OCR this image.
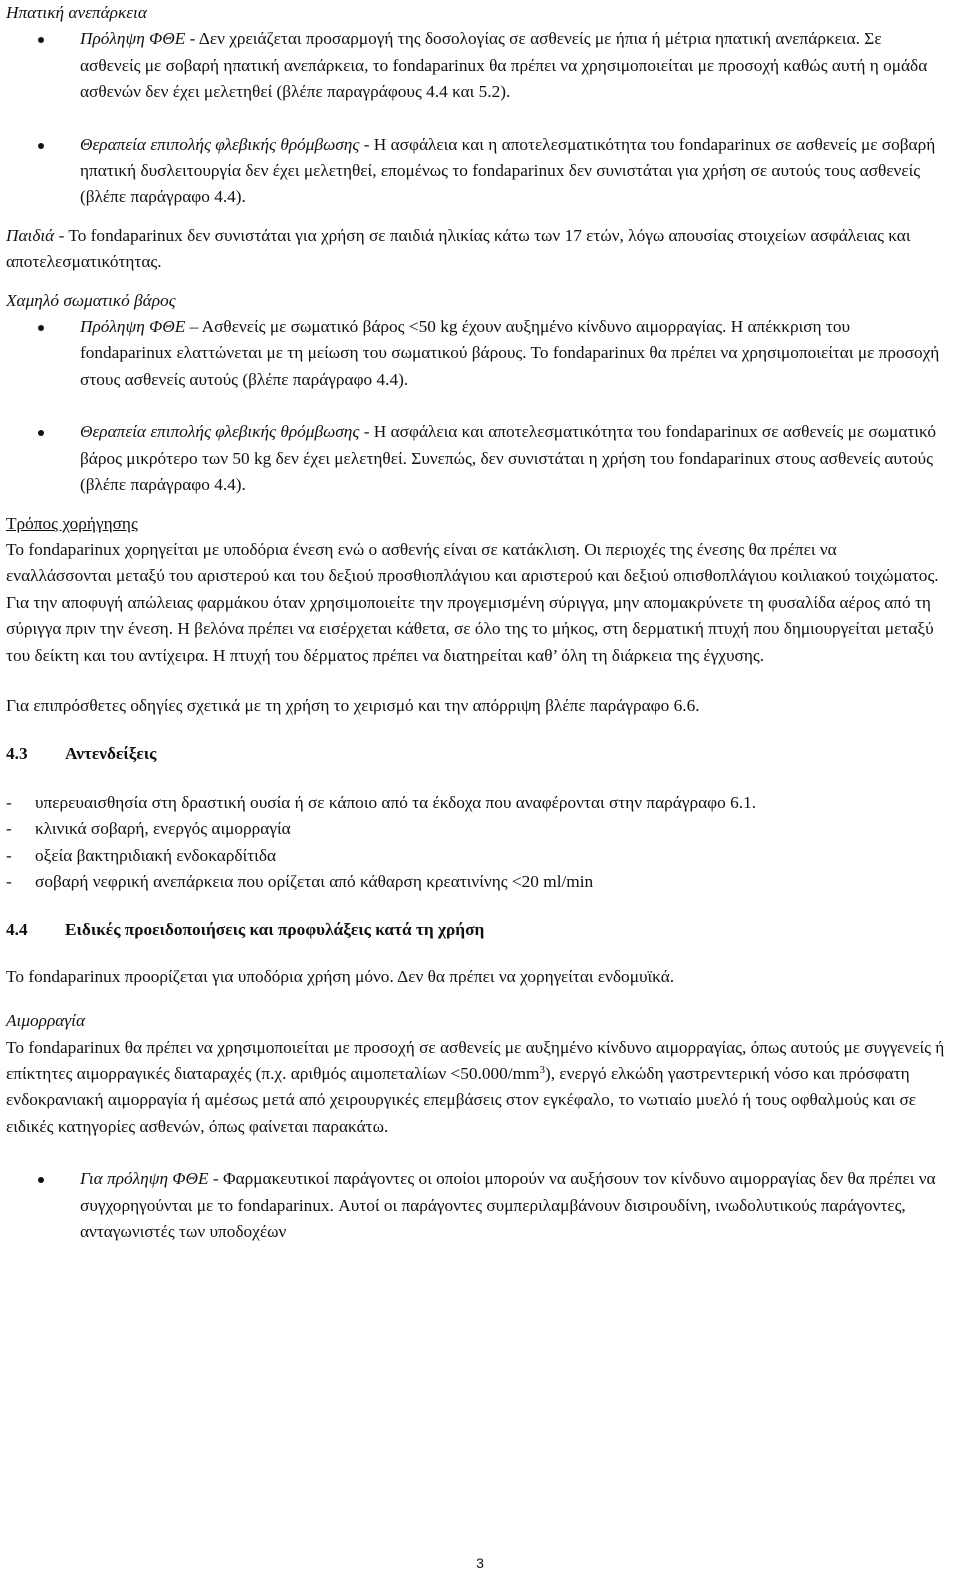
Ηπατική ανεπάρκεια

Πρόληψη ΦΘΕ - Δεν χρειάζεται προσαρμογή της δοσολογίας σε ασθενείς με ήπια ή μέτρια ηπατική ανεπάρκεια. Σε ασθενείς με σοβαρή ηπατική ανεπάρκεια, το fondaparinux θα πρέπει να χρησιμοποιείται με προσοχή καθώς αυτή η ομάδα ασθενών δεν έχει μελετηθεί (βλέπε παραγράφους 4.4 και 5.2).
Θεραπεία επιπολής φλεβικής θρόμβωσης - Η ασφάλεια και η αποτελεσματικότητα του fondaparinux σε ασθενείς με σοβαρή ηπατική δυσλειτουργία δεν έχει μελετηθεί, επομένως το fondaparinux δεν συνιστάται για χρήση σε αυτούς τους ασθενείς (βλέπε παράγραφο 4.4).

Παιδιά - Το fondaparinux δεν συνιστάται για χρήση σε παιδιά ηλικίας κάτω των 17 ετών, λόγω απουσίας στοιχείων ασφάλειας και αποτελεσματικότητας.

Χαμηλό σωματικό βάρος

Πρόληψη ΦΘΕ – Ασθενείς με σωματικό βάρος <50 kg έχουν αυξημένο κίνδυνο αιμορραγίας. Η απέκκριση του fondaparinux ελαττώνεται με τη μείωση του σωματικού βάρους. Το fondaparinux θα πρέπει να χρησιμοποιείται με προσοχή στους ασθενείς αυτούς (βλέπε παράγραφο 4.4).
Θεραπεία επιπολής φλεβικής θρόμβωσης - Η ασφάλεια και αποτελεσματικότητα του fondaparinux σε ασθενείς με σωματικό βάρος μικρότερο των 50 kg δεν έχει μελετηθεί. Συνεπώς, δεν συνιστάται η χρήση του fondaparinux στους ασθενείς αυτούς (βλέπε παράγραφο 4.4).

Τρόπος χορήγησης

Το fondaparinux χορηγείται με υποδόρια ένεση ενώ ο ασθενής είναι σε κατάκλιση. Οι περιοχές της ένεσης θα πρέπει να εναλλάσσονται μεταξύ του αριστερού και του δεξιού προσθιοπλάγιου και αριστερού και δεξιού οπισθοπλάγιου κοιλιακού τοιχώματος. Για την αποφυγή απώλειας φαρμάκου όταν χρησιμοποιείτε την προγεμισμένη σύριγγα, μην απομακρύνετε τη φυσαλίδα αέρος από τη σύριγγα πριν την ένεση. Η βελόνα πρέπει να εισέρχεται κάθετα, σε όλο της το μήκος, στη δερματική πτυχή που δημιουργείται μεταξύ του δείκτη και του αντίχειρα. Η πτυχή του δέρματος πρέπει να διατηρείται καθ’ όλη τη διάρκεια της έγχυσης.

Για επιπρόσθετες οδηγίες σχετικά με τη χρήση το χειρισμό και την απόρριψη βλέπε παράγραφο 6.6.

4.3 Αντενδείξεις

- υπερευαισθησία στη δραστική ουσία ή σε κάποιο από τα έκδοχα που αναφέρονται στην παράγραφο 6.1.
- κλινικά σοβαρή, ενεργός αιμορραγία
- οξεία βακτηριδιακή ενδοκαρδίτιδα
- σοβαρή νεφρική ανεπάρκεια που ορίζεται από κάθαρση κρεατινίνης <20 ml/min

4.4 Ειδικές προειδοποιήσεις και προφυλάξεις κατά τη χρήση

Το fondaparinux προορίζεται για υποδόρια χρήση μόνο. Δεν θα πρέπει να χορηγείται ενδομυϊκά.

Αιμορραγία

Το fondaparinux θα πρέπει να χρησιμοποιείται με προσοχή σε ασθενείς με αυξημένο κίνδυνο αιμορραγίας, όπως αυτούς με συγγενείς ή επίκτητες αιμορραγικές διαταραχές (π.χ. αριθμός $\alpha\iota\mu o\pi\varepsilon\tau\alpha\lambda ί\omega\nu <50.000/mm^3$), ενεργό ελκώδη γαστρεντερική νόσο και πρόσφατη ενδοκρανιακή αιμορραγία ή αμέσως μετά από χειρουργικές επεμβάσεις στον εγκέφαλο, το νωτιαίο μυελό ή τους οφθαλμούς και σε ειδικές κατηγορίες ασθενών, όπως φαίνεται παρακάτω.

Για πρόληψη ΦΘΕ - Φαρμακευτικοί παράγοντες οι οποίοι μπορούν να αυξήσουν τον κίνδυνο αιμορραγίας δεν θα πρέπει να συγχορηγούνται με το fondaparinux. Αυτοί οι παράγοντες συμπεριλαμβάνουν δισιρουδίνη, ινωδολυτικούς παράγοντες, ανταγωνιστές των υποδοχέων
3
